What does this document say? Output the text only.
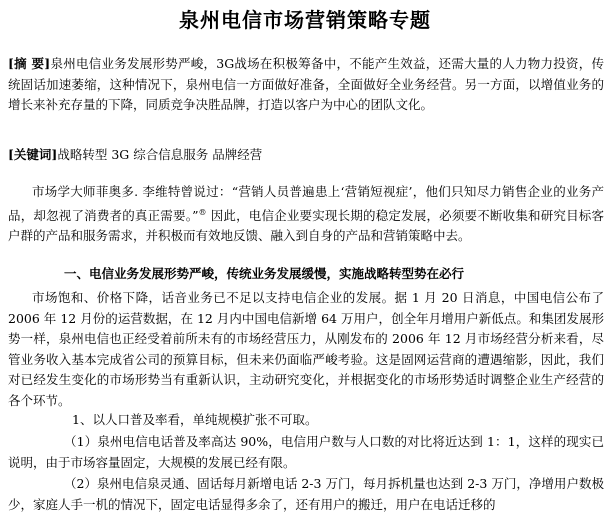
泉州电信市场营销策略专题
[摘 要]泉州电信业务发展形势严峻，3G战场在积极筹备中，不能产生效益，还需大量的人力物力投资，传统固话加速萎缩，这种情况下，泉州电信一方面做好准备，全面做好全业务经营。另一方面，以增值业务的增长来补充存量的下降，同质竞争决胜品牌，打造以客户为中心的团队文化。
[关键词]战略转型 3G 综合信息服务 品牌经营
市场学大师菲奥多. 李维特曾说过：“营销人员普遍患上‘营销短视症’，他们只知尽力销售企业的业务产品，却忽视了消费者的真正需要。”® 因此，电信企业要实现长期的稳定发展，必须要不断收集和研究目标客户群的产品和服务需求，并积极而有效地反馈、融入到自身的产品和营销策略中去。
一、电信业务发展形势严峻，传统业务发展缓慢，实施战略转型势在必行
市场饱和、价格下降，话音业务已不足以支持电信企业的发展。据 1 月 20 日消息，中国电信公布了 2006 年 12 月份的运营数据，在 12 月内中国电信新增 64 万用户，创全年月增用户新低点。和集团发展形势一样，泉州电信也正经受着前所未有的市场经营压力，从刚发布的 2006 年 12 月市场经营分析来看，尽管业务收入基本完成省公司的预算目标，但未来仍面临严峻考验。这是固网运营商的遭遇缩影，因此，我们对已经发生变化的市场形势当有重新认识，主动研究变化，并根据变化的市场形势适时调整企业生产经营的各个环节。
1、以人口普及率看，单纯规模扩张不可取。
（1）泉州电信电话普及率高达 90%，电信用户数与人口数的对比将近达到 1：1，这样的现实已说明，由于市场容量固定，大规模的发展已经有限。
（2）泉州电信泉灵通、固话每月新增电话 2-3 万门，每月拆机量也达到 2-3 万门，净增用户数极少，家庭人手一机的情况下，固定电话显得多余了，还有用户的搬迁，用户在电话迁移的
